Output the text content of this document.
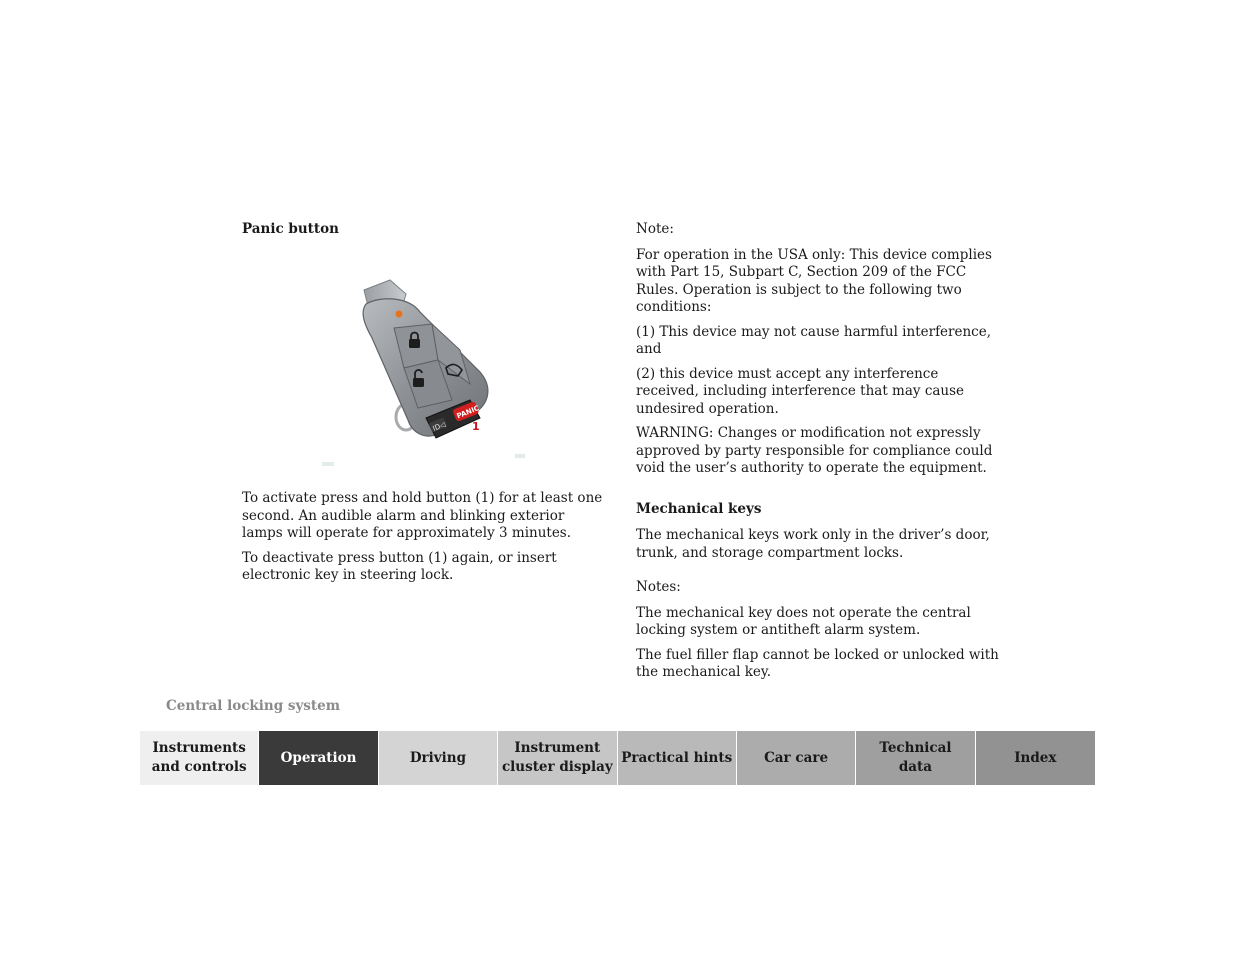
Panic button
ID◁
PANIC
1

To activate press and hold button (1) for at least one second. An audible alarm and blinking exterior lamps will operate for approximately 3 minutes.

To deactivate press button (1) again, or insert electronic key in steering lock.

Note:

For operation in the USA only: This device complies with Part 15, Subpart C, Section 209 of the FCC Rules. Operation is subject to the following two conditions:

(1) This device may not cause harmful interference, and

(2) this device must accept any interference received, including interference that may cause undesired operation.

WARNING: Changes or modification not expressly approved by party responsible for compliance could void the user’s authority to operate the equipment.

Mechanical keys

The mechanical keys work only in the driver’s door, trunk, and storage compartment locks.

Notes:

The mechanical key does not operate the central locking system or antitheft alarm system.

The fuel filler flap cannot be locked or unlocked with the mechanical key.

Central locking system
Instruments
and controls
Operation	Driving
Instrument
cluster display
Practical hints	Car care
Technical
data
Index
